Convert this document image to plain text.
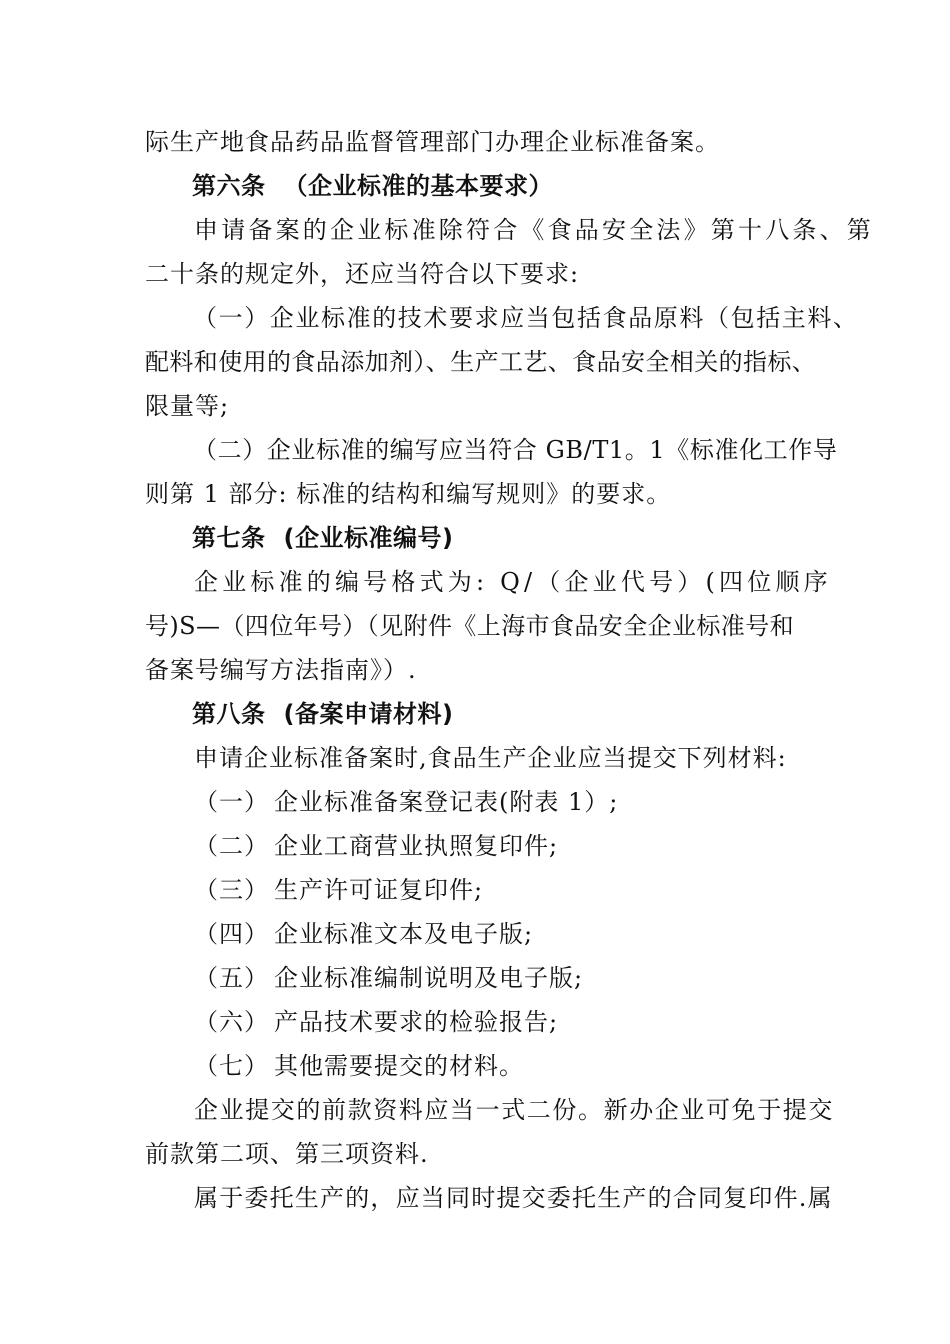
际生产地食品药品监督管理部门办理企业标准备案。
第六条 （企业标准的基本要求）
申请备案的企业标准除符合《食品安全法》第十八条、第
二十条的规定外，还应当符合以下要求:
（一）企业标准的技术要求应当包括食品原料（包括主料、
配料和使用的食品添加剂）、生产工艺、食品安全相关的指标、
限量等;
（二）企业标准的编写应当符合 GB/T1。1《标准化工作导
则第 1 部分: 标准的结构和编写规则》的要求。
第七条 (企业标准编号)
企业标准的编号格式为: Q/（企业代号）(四位顺序
号)S—（四位年号）（见附件《上海市食品安全企业标准号和
备案号编写方法指南》）.
第八条 (备案申请材料)
申请企业标准备案时,食品生产企业应当提交下列材料:
（一） 企业标准备案登记表(附表 1）;
（二） 企业工商营业执照复印件;
（三） 生产许可证复印件;
（四） 企业标准文本及电子版;
（五） 企业标准编制说明及电子版;
（六） 产品技术要求的检验报告;
（七） 其他需要提交的材料。
企业提交的前款资料应当一式二份。新办企业可免于提交
前款第二项、第三项资料.
属于委托生产的，应当同时提交委托生产的合同复印件.属
